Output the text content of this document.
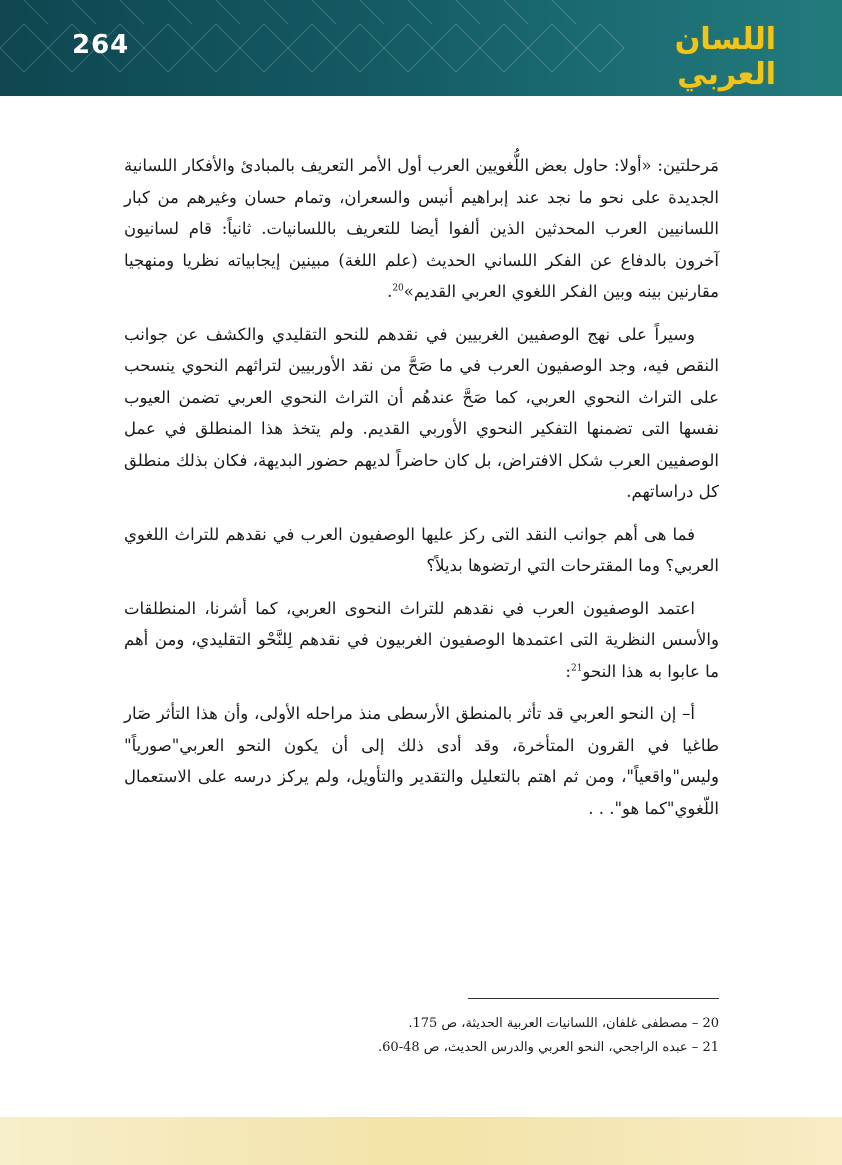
264	اللسان العربي

مَرحلتين: «أولا: حاول بعض اللُّغويين العرب أول الأمر التعريف بالمبادئ والأفكار اللسانية الجديدة على نحو ما نجد عند إبراهيم أنيس والسعران، وتمام حسان وغيرهم من كبار اللسانيين العرب المحدثين الذين ألفوا أيضا للتعريف باللسانيات. ثانياً: قام لسانيون آخرون بالدفاع عن الفكر اللساني الحديث (علم اللغة) مبينين إيجابياته نظريا ومنهجيا مقارنين بينه وبين الفكر اللغوي العربي القديم»$^{20}$.

وسيراً على نهج الوصفيين الغربيين في نقدهم للنحو التقليدي والكشف عن جوانب النقص فيه، وجد الوصفيون العرب في ما صَحَّ من نقد الأوربيين لتراثهم النحوي ينسحب على التراث النحوي العربي، كما صَحَّ عندهُم أن التراث النحوي العربي تضمن العيوب نفسها التى تضمنها التفكير النحوي الأوربي القديم. ولم يتخذ هذا المنطلق في عمل الوصفيين العرب شكل الافتراض، بل كان حاضراً لديهم حضور البديهة، فكان بذلك منطلق كل دراساتهم.

فما هى أهم جوانب النقد التى ركز عليها الوصفيون العرب في نقدهم للتراث اللغوي العربي؟ وما المقترحات التي ارتضوها بديلاً؟

اعتمد الوصفيون العرب في نقدهم للتراث النحوى العربي، كما أشرنا، المنطلقات والأسس النظرية التى اعتمدها الوصفيون الغربيون في نقدهم لِلنَّحْو التقليدي، ومن أهم ما عابوا به هذا النحو$^{21}$:

أ– إن النحو العربي قد تأثر بالمنطق الأرسطى منذ مراحله الأولى، وأن هذا التأثر صَار طاغيا في القرون المتأخرة، وقد أدى ذلك إلى أن يكون النحو العربي"صورياً" وليس"واقعياً"، ومن ثم اهتم بالتعليل والتقدير والتأويل، ولم يركز درسه على الاستعمال اللّغوي"كما هو". . .

20 – مصطفى غلفان، اللسانيات العربية الحديثة، ص 175.
21 – عبده الراجحي، النحو العربي والدرس الحديث، ص 48-60.
